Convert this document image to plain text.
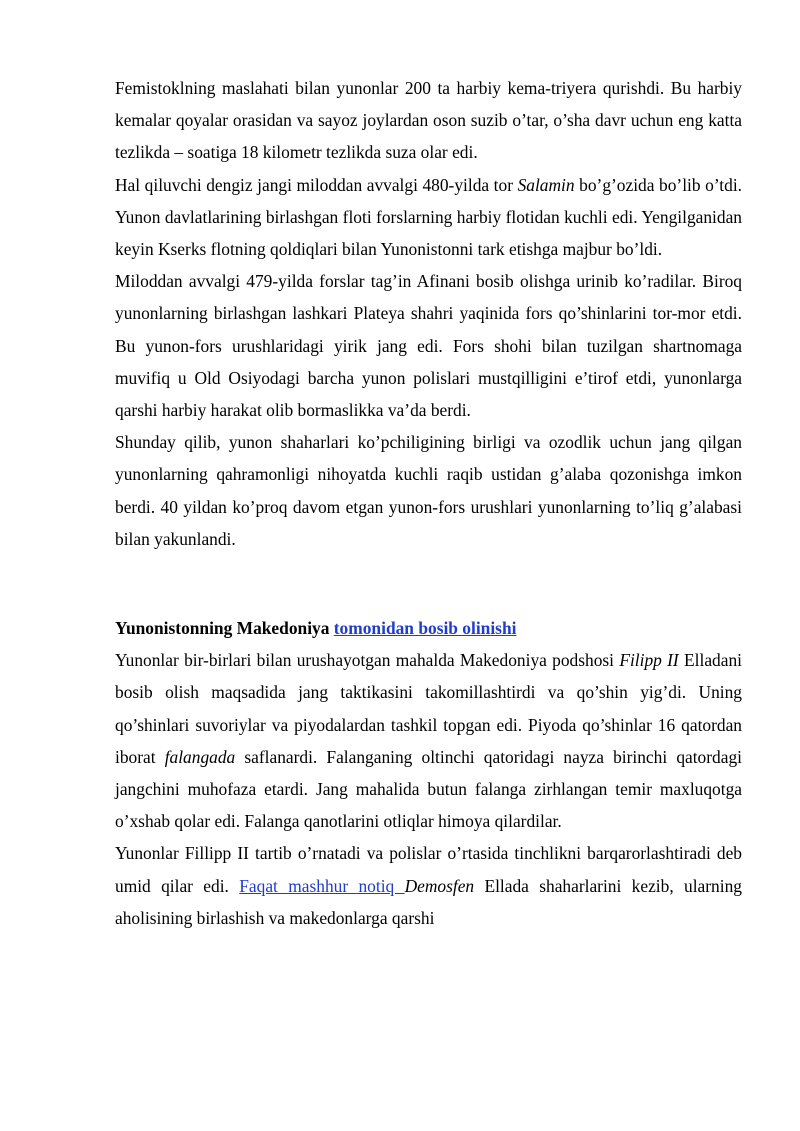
Femistoklning maslahati bilan yunonlar 200 ta harbiy kema-triyera qurishdi. Bu harbiy kemalar qoyalar orasidan va sayoz joylardan oson suzib o’tar, o’sha davr uchun eng katta tezlikda – soatiga 18 kilometr tezlikda suza olar edi.

Hal qiluvchi dengiz jangi miloddan avvalgi 480-yilda tor Salamin bo’g’ozida bo’lib o’tdi. Yunon davlatlarining birlashgan floti forslarning harbiy flotidan kuchli edi. Yengilganidan keyin Kserks flotning qoldiqlari bilan Yunonistonni tark etishga majbur bo’ldi.

Miloddan avvalgi 479-yilda forslar tag’in Afinani bosib olishga urinib ko’radilar. Biroq yunonlarning birlashgan lashkari Plateya shahri yaqinida fors qo’shinlarini tor-mor etdi. Bu yunon-fors urushlaridagi yirik jang edi. Fors shohi bilan tuzilgan shartnomaga muvifiq u Old Osiyodagi barcha yunon polislari mustqilligini e’tirof etdi, yunonlarga qarshi harbiy harakat olib bormaslikka va’da berdi.

Shunday qilib, yunon shaharlari ko’pchiligining birligi va ozodlik uchun jang qilgan yunonlarning qahramonligi nihoyatda kuchli raqib ustidan g’alaba qozonishga imkon berdi. 40 yildan ko’proq davom etgan yunon-fors urushlari yunonlarning to’liq g’alabasi bilan yakunlandi.

Yunonistonning Makedoniya tomonidan bosib olinishi

Yunonlar bir-birlari bilan urushayotgan mahalda Makedoniya podshosi Filipp II Elladani bosib olish maqsadida jang taktikasini takomillashtirdi va qo’shin yig’di. Uning qo’shinlari suvoriylar va piyodalardan tashkil topgan edi. Piyoda qo’shinlar 16 qatordan iborat falangada saflanardi. Falanganing oltinchi qatoridagi nayza birinchi qatordagi jangchini muhofaza etardi. Jang mahalida butun falanga zirhlangan temir maxluqotga o’xshab qolar edi. Falanga qanotlarini otliqlar himoya qilardilar.

Yunonlar Fillipp II tartib o’rnatadi va polislar o’rtasida tinchlikni barqarorlashtiradi deb umid qilar edi. Faqat mashhur notiq Demosfen Ellada shaharlarini kezib, ularning aholisining birlashish va makedonlarga qarshi
